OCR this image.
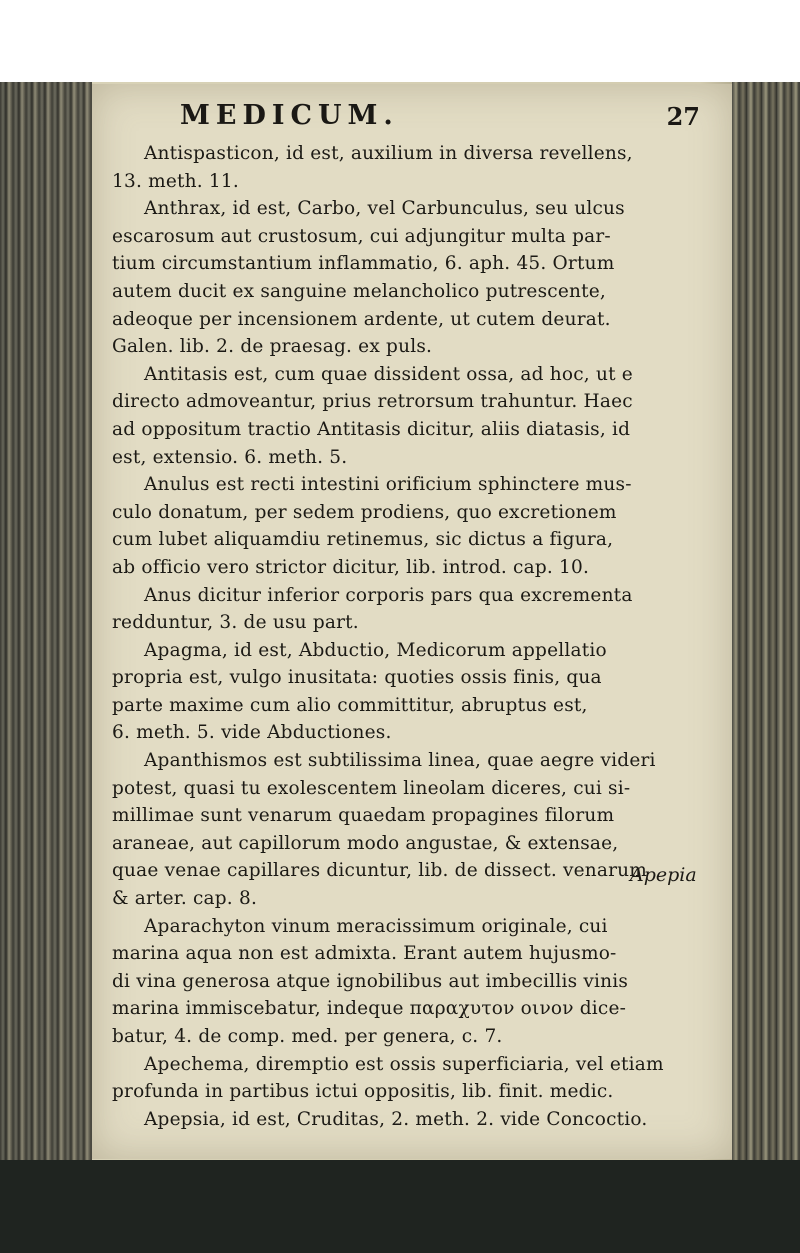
MEDICUM.	27
Antispasticon, id est, auxilium in diversa revellens,
13. meth. 11.
Anthrax, id est, Carbo, vel Carbunculus, seu ulcus
escarosum aut crustosum, cui adjungitur multa par-
tium circumstantium inflammatio, 6. aph. 45. Ortum
autem ducit ex sanguine melancholico putrescente,
adeoque per incensionem ardente, ut cutem deurat.
Galen. lib. 2. de praesag. ex puls.
Antitasis est, cum quae dissident ossa, ad hoc, ut e
directo admoveantur, prius retrorsum trahuntur. Haec
ad oppositum tractio Antitasis dicitur, aliis diatasis, id
est, extensio. 6. meth. 5.
Anulus est recti intestini orificium sphinctere mus-
culo donatum, per sedem prodiens, quo excretionem
cum lubet aliquamdiu retinemus, sic dictus a figura,
ab officio vero strictor dicitur, lib. introd. cap. 10.
Anus dicitur inferior corporis pars qua excrementa
redduntur, 3. de usu part.
Apagma, id est, Abductio, Medicorum appellatio
propria est, vulgo inusitata: quoties ossis finis, qua
parte maxime cum alio committitur, abruptus est,
6. meth. 5. vide Abductiones.
Apanthismos est subtilissima linea, quae aegre videri
potest, quasi tu exolescentem lineolam diceres, cui si-
millimae sunt venarum quaedam propagines filorum
araneae, aut capillorum modo angustae, & extensae,
quae venae capillares dicuntur, lib. de dissect. venarum
& arter. cap. 8.
Aparachyton vinum meracissimum originale, cui
marina aqua non est admixta. Erant autem hujusmo-
di vina generosa atque ignobilibus aut imbecillis vinis
marina immiscebatur, indeque παραχυτον οινον dice-
batur, 4. de comp. med. per genera, c. 7.
Apechema, diremptio est ossis superficiaria, vel etiam
profunda in partibus ictui oppositis, lib. finit. medic.
Apepsia, id est, Cruditas, 2. meth. 2. vide Concoctio.
Apepia
